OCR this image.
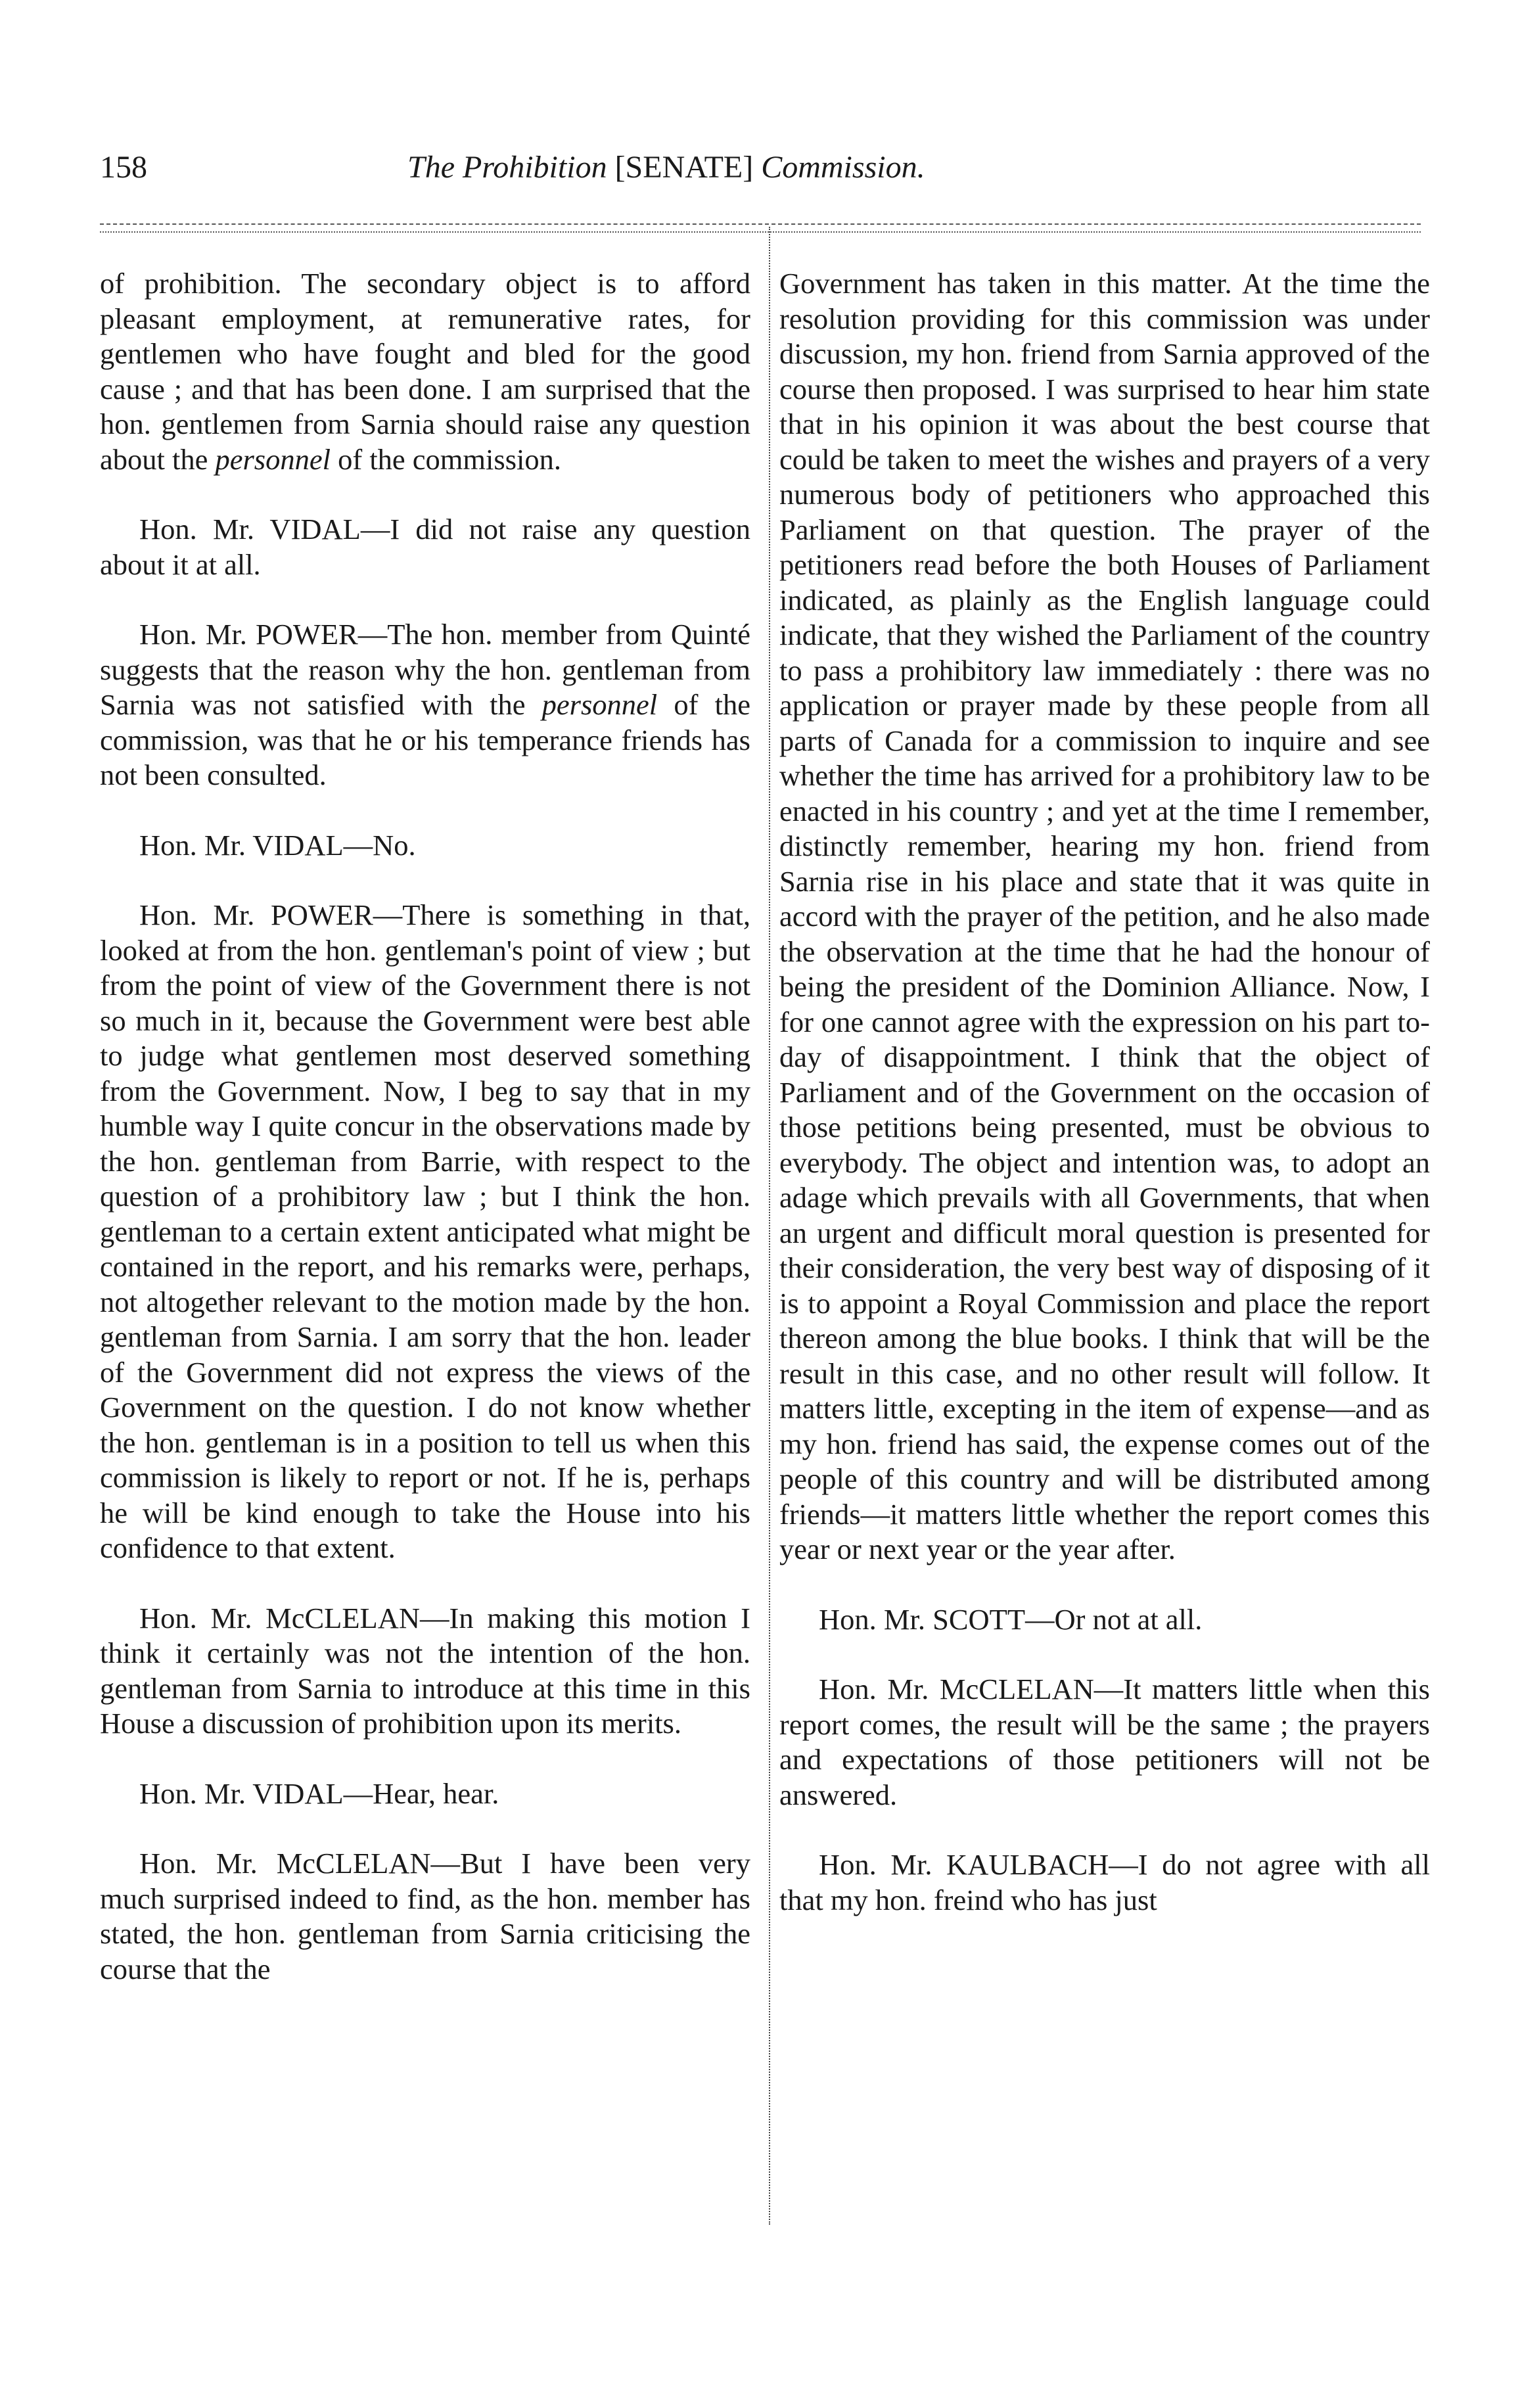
158	The Prohibition [SENATE] Commission.

of prohibition. The secondary object is to afford pleasant employment, at remunerative rates, for gentlemen who have fought and bled for the good cause ; and that has been done. I am surprised that the hon. gentlemen from Sarnia should raise any question about the personnel of the commission.

Hon. Mr. VIDAL—I did not raise any question about it at all.

Hon. Mr. POWER—The hon. member from Quinté suggests that the reason why the hon. gentleman from Sarnia was not satisfied with the personnel of the commission, was that he or his temperance friends has not been consulted.

Hon. Mr. VIDAL—No.

Hon. Mr. POWER—There is something in that, looked at from the hon. gentleman's point of view ; but from the point of view of the Government there is not so much in it, because the Government were best able to judge what gentlemen most deserved something from the Government. Now, I beg to say that in my humble way I quite concur in the observations made by the hon. gentleman from Barrie, with respect to the question of a prohibitory law ; but I think the hon. gentleman to a certain extent anticipated what might be contained in the report, and his remarks were, perhaps, not altogether relevant to the motion made by the hon. gentleman from Sarnia. I am sorry that the hon. leader of the Government did not express the views of the Government on the question. I do not know whether the hon. gentleman is in a position to tell us when this commission is likely to report or not. If he is, perhaps he will be kind enough to take the House into his confidence to that extent.

Hon. Mr. McCLELAN—In making this motion I think it certainly was not the intention of the hon. gentleman from Sarnia to introduce at this time in this House a discussion of prohibition upon its merits.

Hon. Mr. VIDAL—Hear, hear.

Hon. Mr. McCLELAN—But I have been very much surprised indeed to find, as the hon. member has stated, the hon. gentleman from Sarnia criticising the course that the

Government has taken in this matter. At the time the resolution providing for this commission was under discussion, my hon. friend from Sarnia approved of the course then proposed. I was surprised to hear him state that in his opinion it was about the best course that could be taken to meet the wishes and prayers of a very numerous body of petitioners who approached this Parliament on that question. The prayer of the petitioners read before the both Houses of Parliament indicated, as plainly as the English language could indicate, that they wished the Parliament of the country to pass a prohibitory law immediately : there was no application or prayer made by these people from all parts of Canada for a commission to inquire and see whether the time has arrived for a prohibitory law to be enacted in his country ; and yet at the time I remember, distinctly remember, hearing my hon. friend from Sarnia rise in his place and state that it was quite in accord with the prayer of the petition, and he also made the observation at the time that he had the honour of being the president of the Dominion Alliance. Now, I for one cannot agree with the expression on his part to-day of disappointment. I think that the object of Parliament and of the Government on the occasion of those petitions being presented, must be obvious to everybody. The object and intention was, to adopt an adage which prevails with all Governments, that when an urgent and difficult moral question is presented for their consideration, the very best way of disposing of it is to appoint a Royal Commission and place the report thereon among the blue books. I think that will be the result in this case, and no other result will follow. It matters little, excepting in the item of expense—and as my hon. friend has said, the expense comes out of the people of this country and will be distributed among friends—it matters little whether the report comes this year or next year or the year after.

Hon. Mr. SCOTT—Or not at all.

Hon. Mr. McCLELAN—It matters little when this report comes, the result will be the same ; the prayers and expectations of those petitioners will not be answered.

Hon. Mr. KAULBACH—I do not agree with all that my hon. freind who has just
